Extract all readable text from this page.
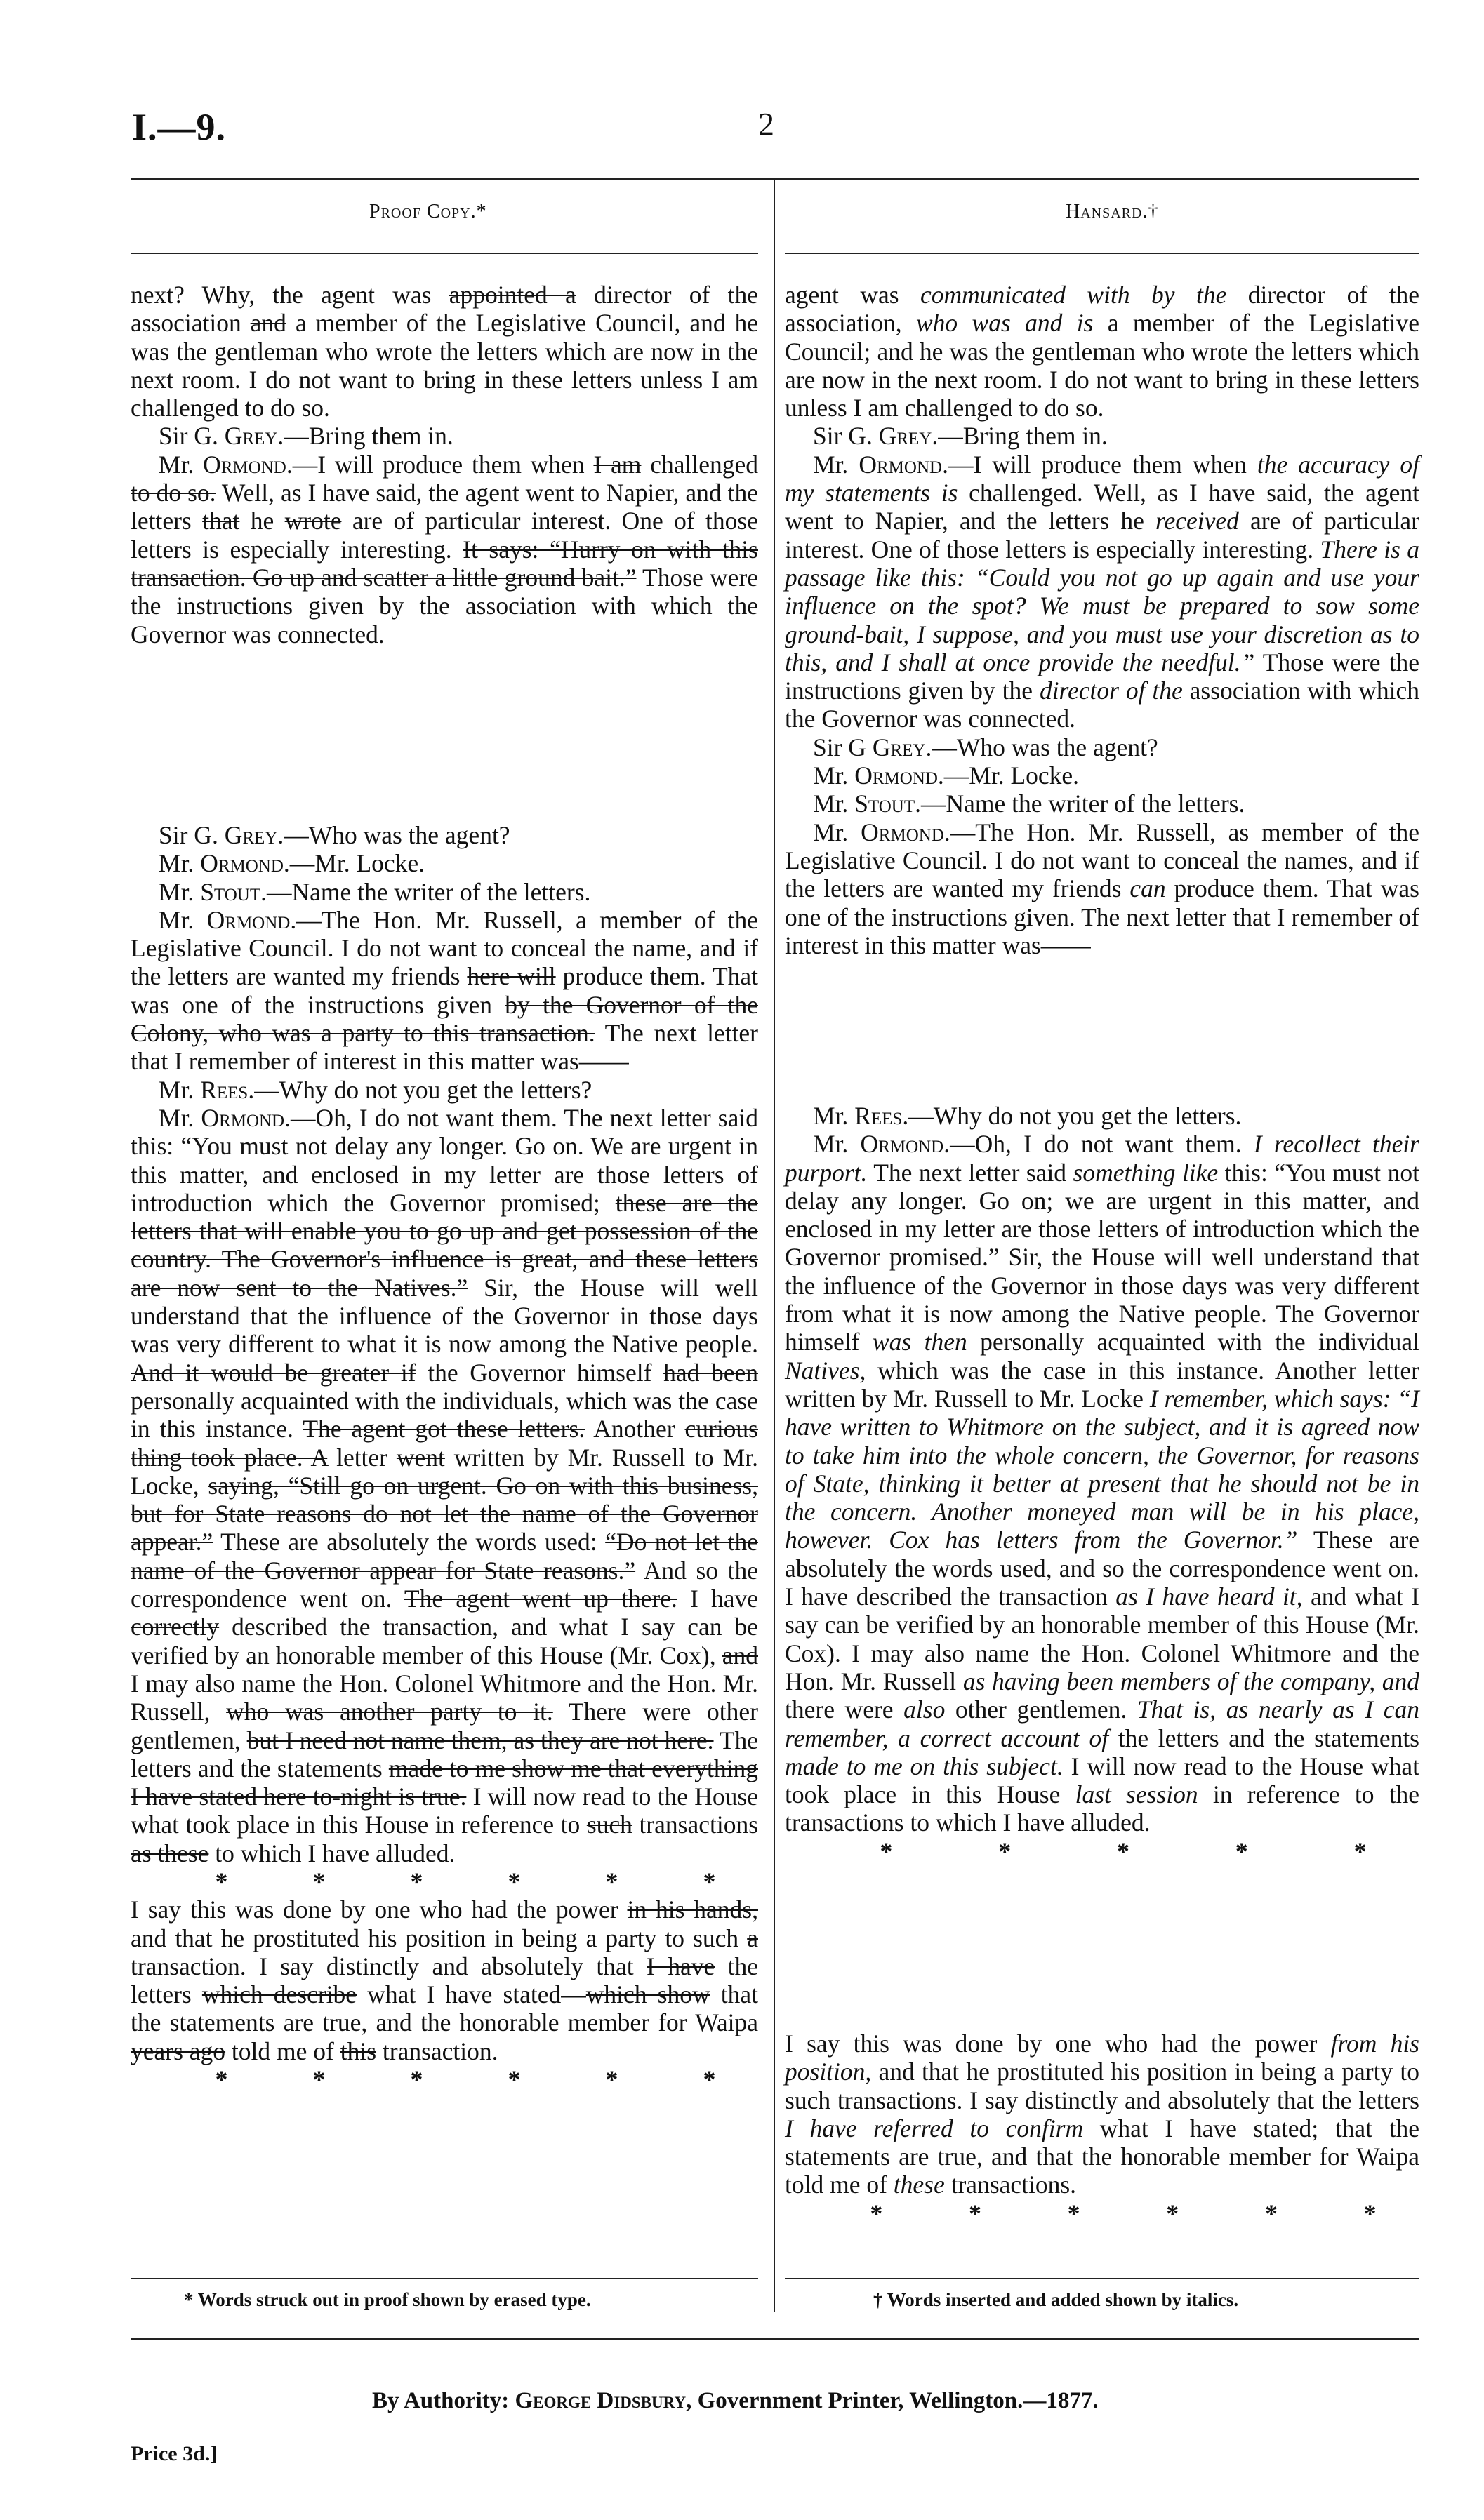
I.—9.	2
Proof Copy.*	Hansard.†

next? Why, the agent was appointed a director of the association and a member of the Legislative Council, and he was the gentleman who wrote the letters which are now in the next room. I do not want to bring in these letters unless I am challenged to do so.

Sir G. Grey.—Bring them in.

Mr. Ormond.—I will produce them when I am challenged to do so. Well, as I have said, the agent went to Napier, and the letters that he wrote are of particular interest. One of those letters is especially interesting. It says: “Hurry on with this transaction. Go up and scatter a little ground bait.” Those were the instructions given by the association with which the Governor was connected.

Sir G. Grey.—Who was the agent?

Mr. Ormond.—Mr. Locke.

Mr. Stout.—Name the writer of the letters.

Mr. Ormond.—The Hon. Mr. Russell, a member of the Legislative Council. I do not want to conceal the name, and if the letters are wanted my friends here will produce them. That was one of the instructions given by the Governor of the Colony, who was a party to this transaction. The next letter that I remember of interest in this matter was——

Mr. Rees.—Why do not you get the letters?

Mr. Ormond.—Oh, I do not want them. The next letter said this: “You must not delay any longer. Go on. We are urgent in this matter, and enclosed in my letter are those letters of introduction which the Governor promised; these are the letters that will enable you to go up and get possession of the country. The Governor's influence is great, and these letters are now sent to the Natives.” Sir, the House will well understand that the influence of the Governor in those days was very different to what it is now among the Native people. And it would be greater if the Governor himself had been personally acquainted with the individuals, which was the case in this instance. The agent got these letters. Another curious thing took place. A letter went written by Mr. Russell to Mr. Locke, saying, “Still go on urgent. Go on with this business, but for State reasons do not let the name of the Governor appear.” These are absolutely the words used: “Do not let the name of the Governor appear for State reasons.” And so the correspondence went on. The agent went up there. I have correctly described the transaction, and what I say can be verified by an honorable member of this House (Mr. Cox), and I may also name the Hon. Colonel Whitmore and the Hon. Mr. Russell, who was another party to it. There were other gentlemen, but I need not name them, as they are not here. The letters and the statements made to me show me that everything I have stated here to-night is true. I will now read to the House what took place in this House in reference to such transactions as these to which I have alluded.

*	*	*	*	*	*

I say this was done by one who had the power in his hands, and that he prostituted his position in being a party to such a transaction. I say distinctly and absolutely that I have the letters which describe what I have stated—which show that the statements are true, and the honorable member for Waipa years ago told me of this transaction.

*	*	*	*	*	*

agent was communicated with by the director of the association, who was and is a member of the Legislative Council; and he was the gentleman who wrote the letters which are now in the next room. I do not want to bring in these letters unless I am challenged to do so.

Sir G. Grey.—Bring them in.

Mr. Ormond.—I will produce them when the accuracy of my statements is challenged. Well, as I have said, the agent went to Napier, and the letters he received are of particular interest. One of those letters is especially interesting. There is a passage like this: “Could you not go up again and use your influence on the spot? We must be prepared to sow some ground-bait, I suppose, and you must use your discretion as to this, and I shall at once provide the needful.” Those were the instructions given by the director of the association with which the Governor was connected.

Sir G Grey.—Who was the agent?

Mr. Ormond.—Mr. Locke.

Mr. Stout.—Name the writer of the letters.

Mr. Ormond.—The Hon. Mr. Russell, as member of the Legislative Council. I do not want to conceal the names, and if the letters are wanted my friends can produce them. That was one of the instructions given. The next letter that I remember of interest in this matter was——

Mr. Rees.—Why do not you get the letters.

Mr. Ormond.—Oh, I do not want them. I recollect their purport. The next letter said something like this: “You must not delay any longer. Go on; we are urgent in this matter, and enclosed in my letter are those letters of introduction which the Governor promised.” Sir, the House will well understand that the influence of the Governor in those days was very different from what it is now among the Native people. The Governor himself was then personally acquainted with the individual Natives, which was the case in this instance. Another letter written by Mr. Russell to Mr. Locke I remember, which says: “I have written to Whitmore on the subject, and it is agreed now to take him into the whole concern, the Governor, for reasons of State, thinking it better at present that he should not be in the concern. Another moneyed man will be in his place, however. Cox has letters from the Governor.” These are absolutely the words used, and so the correspondence went on. I have described the transaction as I have heard it, and what I say can be verified by an honorable member of this House (Mr. Cox). I may also name the Hon. Colonel Whitmore and the Hon. Mr. Russell as having been members of the company, and there were also other gentlemen. That is, as nearly as I can remember, a correct account of the letters and the statements made to me on this subject. I will now read to the House what took place in this House last session in reference to the transactions to which I have alluded.

*	*	*	*	*

I say this was done by one who had the power from his position, and that he prostituted his position in being a party to such transactions. I say distinctly and absolutely that the letters I have referred to confirm what I have stated; that the statements are true, and that the honorable member for Waipa told me of these transactions.

*	*	*	*	*	*
* Words struck out in proof shown by erased type.	† Words inserted and added shown by italics.
By Authority: George Didsbury, Government Printer, Wellington.—1877.
Price 3d.]
